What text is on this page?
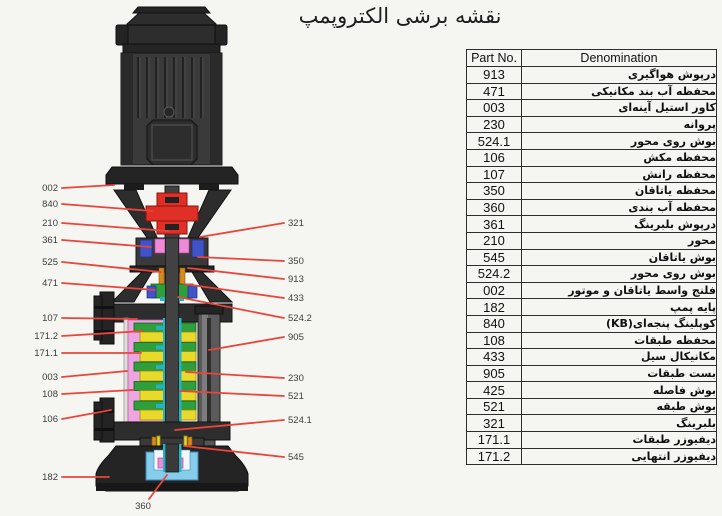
نقشه برشی الکتروپمپ
Part No.	Denomination
913	درپوش هواگیری
471	محفظه آب بند مکانیکی
003	کاور استیل آینه‌ای
230	پروانه
524.1	بوش روی محور
106	محفظه مکش
107	محفظه رانش
350	محفظه یاتاقان
360	محفظه آب بندی
361	درپوش بلبرینگ
210	محور
545	بوش یاتاقان
524.2	بوش روی محور
002	فلنج واسط یاتاقان و موتور
182	پایه پمپ
840	کوپلینگ پنجه‌ای(KB)
108	محفظه طبقات
433	مکانیکال سیل
905	بست طبقات
425	بوش فاصله
521	بوش طبقه
321	بلبرینگ
171.1	دیفیوزر طبقات
171.2	دیفیوزر انتهایی
002
840
210
361
525
471
107
171.2
171.1
003
108
106
182
321
350
913
433
524.2
905
230
521
524.1
545
360
